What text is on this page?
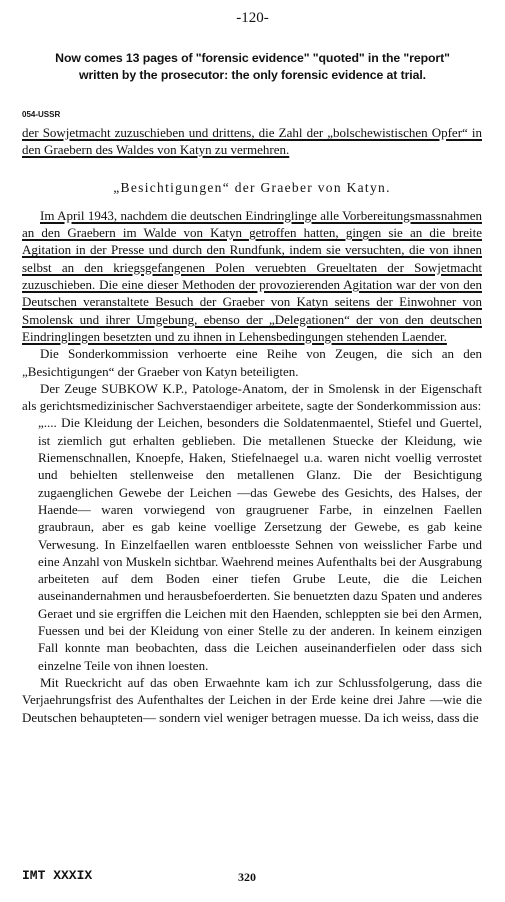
-120-
Now comes 13 pages of "forensic evidence" "quoted" in the "report"
written by the prosecutor: the only forensic evidence at trial.
054-USSR

der Sowjetmacht zuzuschieben und drittens, die Zahl der „bolschewistischen Opfer“ in den Graebern des Waldes von Katyn zu vermehren.

„Besichtigungen“ der Graeber von Katyn.

Im April 1943, nachdem die deutschen Eindringlinge alle Vorbereitungsmassnahmen an den Graebern im Walde von Katyn getroffen hatten, gingen sie an die breite Agitation in der Presse und durch den Rundfunk, indem sie versuchten, die von ihnen selbst an den kriegsgefangenen Polen veruebten Greueltaten der Sowjetmacht zuzuschieben. Die eine dieser Methoden der provozierenden Agitation war der von den Deutschen veranstaltete Besuch der Graeber von Katyn seitens der Einwohner von Smolensk und ihrer Umgebung, ebenso der „Delegationen“ der von den deutschen Eindringlingen besetzten und zu ihnen in Lehensbedingungen stehenden Laender.

Die Sonderkommission verhoerte eine Reihe von Zeugen, die sich an den „Besichtigungen“ der Graeber von Katyn beteiligten.

Der Zeuge SUBKOW K.P., Patologe-Anatom, der in Smolensk in der Eigenschaft als gerichtsmedizinischer Sachverstaendiger arbeitete, sagte der Sonderkommission aus:

„.... Die Kleidung der Leichen, besonders die Soldatenmaentel, Stiefel und Guertel, ist ziemlich gut erhalten geblieben. Die metallenen Stuecke der Kleidung, wie Riemenschnallen, Knoepfe, Haken, Stiefelnaegel u.a. waren nicht voellig verrostet und behielten stellenweise den metallenen Glanz. Die der Besichtigung zugaenglichen Gewebe der Leichen —das Gewebe des Gesichts, des Halses, der Haende— waren vorwiegend von graugruener Farbe, in einzelnen Faellen graubraun, aber es gab keine voellige Zersetzung der Gewebe, es gab keine Verwesung. In Einzelfaellen waren entbloesste Sehnen von weisslicher Farbe und eine Anzahl von Muskeln sichtbar. Waehrend meines Aufenthalts bei der Ausgrabung arbeiteten auf dem Boden einer tiefen Grube Leute, die die Leichen auseinandernahmen und herausbefoerderten. Sie benuetzten dazu Spaten und anderes Geraet und sie ergriffen die Leichen mit den Haenden, schleppten sie bei den Armen, Fuessen und bei der Kleidung von einer Stelle zu der anderen. In keinem einzigen Fall konnte man beobachten, dass die Leichen auseinanderfielen oder dass sich einzelne Teile von ihnen loesten.

Mit Rueckricht auf das oben Erwaehnte kam ich zur Schlussfolgerung, dass die Verjaehrungsfrist des Aufenthaltes der Leichen in der Erde keine drei Jahre —wie die Deutschen behaupteten— sondern viel weniger betragen muesse. Da ich weiss, dass die

IMT XXXIX	320
